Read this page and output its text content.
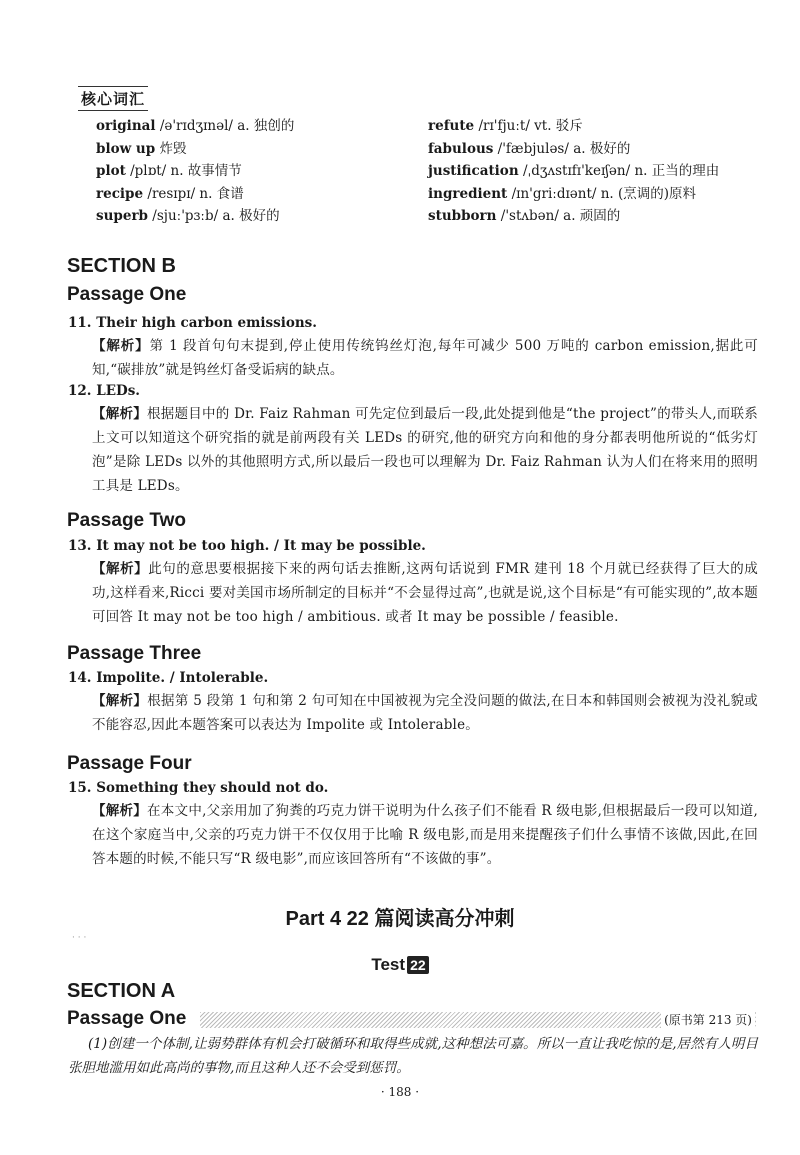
核心词汇
original /ə'rɪdʒɪnəl/ a. 独创的
blow up 炸毁
plot /plɒt/ n. 故事情节
recipe /resɪpɪ/ n. 食谱
superb /sjuː'pɜːb/ a. 极好的
refute /rɪ'fjuːt/ vt. 驳斥
fabulous /'fæbjuləs/ a. 极好的
justification /ˌdʒʌstɪfɪ'keɪʃən/ n. 正当的理由
ingredient /ɪn'griːdɪənt/ n. (烹调的)原料
stubborn /'stʌbən/ a. 顽固的
SECTION B
Passage One
11. Their high carbon emissions.
【解析】第 1 段首句句末提到,停止使用传统钨丝灯泡,每年可减少 500 万吨的 carbon emission,据此可知,“碳排放”就是钨丝灯备受诟病的缺点。
12. LEDs.
【解析】根据题目中的 Dr. Faiz Rahman 可先定位到最后一段,此处提到他是“the project”的带头人,而联系上文可以知道这个研究指的就是前两段有关 LEDs 的研究,他的研究方向和他的身分都表明他所说的“低劣灯泡”是除 LEDs 以外的其他照明方式,所以最后一段也可以理解为 Dr. Faiz Rahman 认为人们在将来用的照明工具是 LEDs。
Passage Two
13. It may not be too high. / It may be possible.
【解析】此句的意思要根据接下来的两句话去推断,这两句话说到 FMR 建刊 18 个月就已经获得了巨大的成功,这样看来,Ricci 要对美国市场所制定的目标并“不会显得过高”,也就是说,这个目标是“有可能实现的”,故本题可回答 It may not be too high / ambitious. 或者 It may be possible / feasible.
Passage Three
14. Impolite. / Intolerable.
【解析】根据第 5 段第 1 句和第 2 句可知在中国被视为完全没问题的做法,在日本和韩国则会被视为没礼貌或不能容忍,因此本题答案可以表达为 Impolite 或 Intolerable。
Passage Four
15. Something they should not do.
【解析】在本文中,父亲用加了狗粪的巧克力饼干说明为什么孩子们不能看 R 级电影,但根据最后一段可以知道,在这个家庭当中,父亲的巧克力饼干不仅仅用于比喻 R 级电影,而是用来提醒孩子们什么事情不该做,因此,在回答本题的时候,不能只写“R 级电影”,而应该回答所有“不该做的事”。
Part 4 22 篇阅读高分冲刺
· · ·
Test 22
SECTION A
Passage One	(原书第 213 页)
(1)创建一个体制,让弱势群体有机会打破循环和取得些成就,这种想法可嘉。所以一直让我吃惊的是,居然有人明目张胆地滥用如此高尚的事物,而且这种人还不会受到惩罚。
· 188 ·
